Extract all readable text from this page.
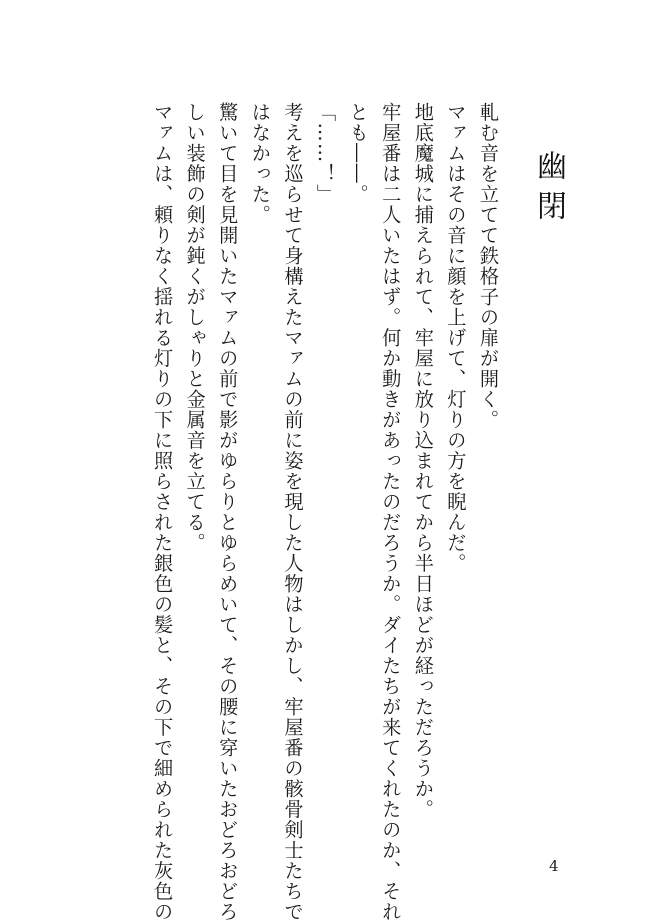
幽閉
軋む音を立てて鉄格子の扉が開く。
マァムはその音に顔を上げて、灯りの方を睨んだ。
地底魔城に捕えられて、牢屋に放り込まれてから半日ほどが経っただろうか。
牢屋番は二人いたはず。何か動きがあったのだろうか。ダイたちが来てくれたのか、それ
とも――。
「……！」
考えを巡らせて身構えたマァムの前に姿を現した人物はしかし、牢屋番の骸骨剣士たちで
はなかった。
驚いて目を見開いたマァムの前で影がゆらりとゆらめいて、その腰に穿いたおどろおどろ
しい装飾の剣が鈍くがしゃりと金属音を立てる。
マァムは、頼りなく揺れる灯りの下に照らされた銀色の髪と、その下で細められた灰色の	4
